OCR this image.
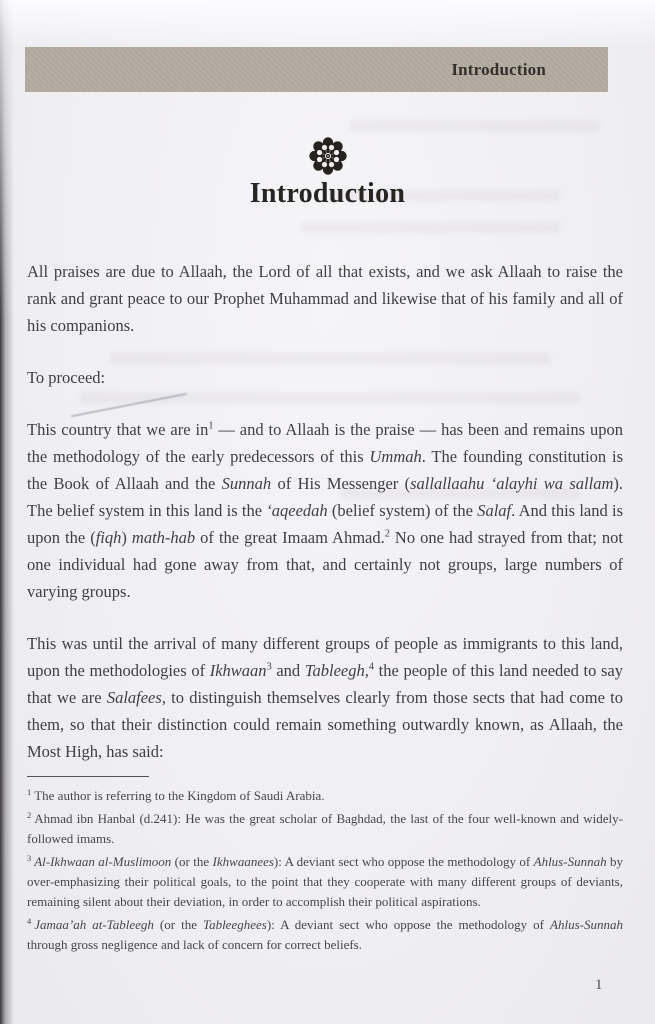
Introduction
Introduction

All praises are due to Allaah, the Lord of all that exists, and we ask Allaah to raise the rank and grant peace to our Prophet Muhammad and likewise that of his family and all of his companions.

To proceed:

This country that we are $in^1$ — and to Allaah is the praise — has been and remains upon the methodology of the early predecessors of this Ummah. The founding constitution is the Book of Allaah and the Sunnah of His Messenger (sallallaahu ‘alayhi wa sallam). The belief system in this land is the ‘aqeedah (belief system) of the Salaf. And this land is upon the (fiqh) math-hab of the great Imaam Ahmad.$^2$ No one had strayed from that; not one individual had gone away from that, and certainly not groups, large numbers of varying groups.

This was until the arrival of many different groups of people as immigrants to this land, upon the methodologies of Ikhwaan$^3$ and Tableegh,$^4$ the people of this land needed to say that we are Salafees, to distinguish themselves clearly from those sects that had come to them, so that their distinction could remain something outwardly known, as Allaah, the Most High, has said:

$^1$ The author is referring to the Kingdom of Saudi Arabia.

$^2$ Ahmad ibn Hanbal (d.241): He was the great scholar of Baghdad, the last of the four well-known and widely-followed imams.

$^3$ Al-Ikhwaan al-Muslimoon (or the Ikhwaanees): A deviant sect who oppose the methodology of Ahlus-Sunnah by over-emphasizing their political goals, to the point that they cooperate with many different groups of deviants, remaining silent about their deviation, in order to accomplish their political aspirations.

$^4$ Jamaa’ah at-Tableegh (or the Tableeghees): A deviant sect who oppose the methodology of Ahlus-Sunnah through gross negligence and lack of concern for correct beliefs.

1
